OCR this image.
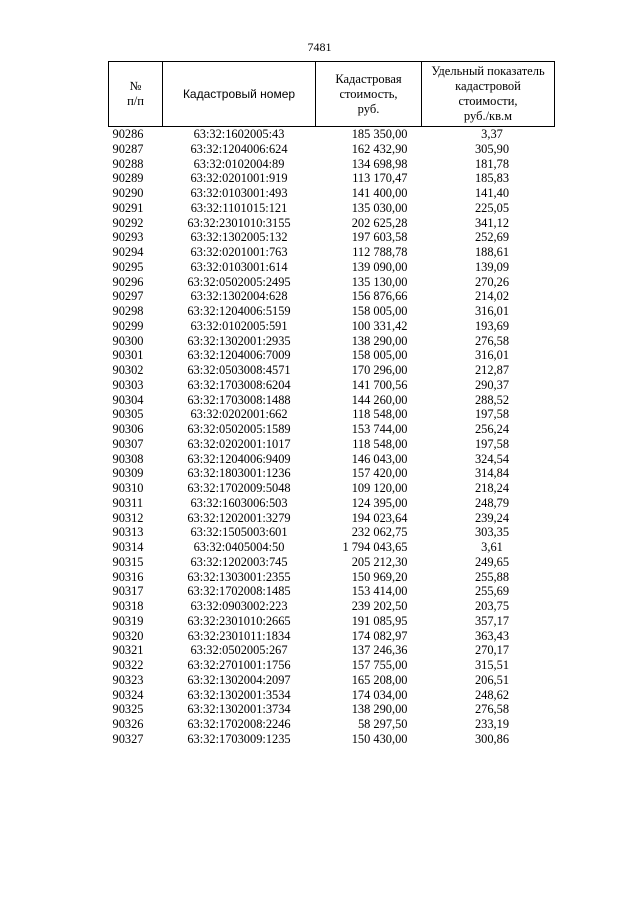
7481
№
п/п	Кадастровый номер	Кадастровая
стоимость,
руб.	Удельный показатель
кадастровой
стоимости,
руб./кв.м
90286	63:32:1602005:43	185 350,00	3,37
90287	63:32:1204006:624	162 432,90	305,90
90288	63:32:0102004:89	134 698,98	181,78
90289	63:32:0201001:919	113 170,47	185,83
90290	63:32:0103001:493	141 400,00	141,40
90291	63:32:1101015:121	135 030,00	225,05
90292	63:32:2301010:3155	202 625,28	341,12
90293	63:32:1302005:132	197 603,58	252,69
90294	63:32:0201001:763	112 788,78	188,61
90295	63:32:0103001:614	139 090,00	139,09
90296	63:32:0502005:2495	135 130,00	270,26
90297	63:32:1302004:628	156 876,66	214,02
90298	63:32:1204006:5159	158 005,00	316,01
90299	63:32:0102005:591	100 331,42	193,69
90300	63:32:1302001:2935	138 290,00	276,58
90301	63:32:1204006:7009	158 005,00	316,01
90302	63:32:0503008:4571	170 296,00	212,87
90303	63:32:1703008:6204	141 700,56	290,37
90304	63:32:1703008:1488	144 260,00	288,52
90305	63:32:0202001:662	118 548,00	197,58
90306	63:32:0502005:1589	153 744,00	256,24
90307	63:32:0202001:1017	118 548,00	197,58
90308	63:32:1204006:9409	146 043,00	324,54
90309	63:32:1803001:1236	157 420,00	314,84
90310	63:32:1702009:5048	109 120,00	218,24
90311	63:32:1603006:503	124 395,00	248,79
90312	63:32:1202001:3279	194 023,64	239,24
90313	63:32:1505003:601	232 062,75	303,35
90314	63:32:0405004:50	1 794 043,65	3,61
90315	63:32:1202003:745	205 212,30	249,65
90316	63:32:1303001:2355	150 969,20	255,88
90317	63:32:1702008:1485	153 414,00	255,69
90318	63:32:0903002:223	239 202,50	203,75
90319	63:32:2301010:2665	191 085,95	357,17
90320	63:32:2301011:1834	174 082,97	363,43
90321	63:32:0502005:267	137 246,36	270,17
90322	63:32:2701001:1756	157 755,00	315,51
90323	63:32:1302004:2097	165 208,00	206,51
90324	63:32:1302001:3534	174 034,00	248,62
90325	63:32:1302001:3734	138 290,00	276,58
90326	63:32:1702008:2246	58 297,50	233,19
90327	63:32:1703009:1235	150 430,00	300,86
